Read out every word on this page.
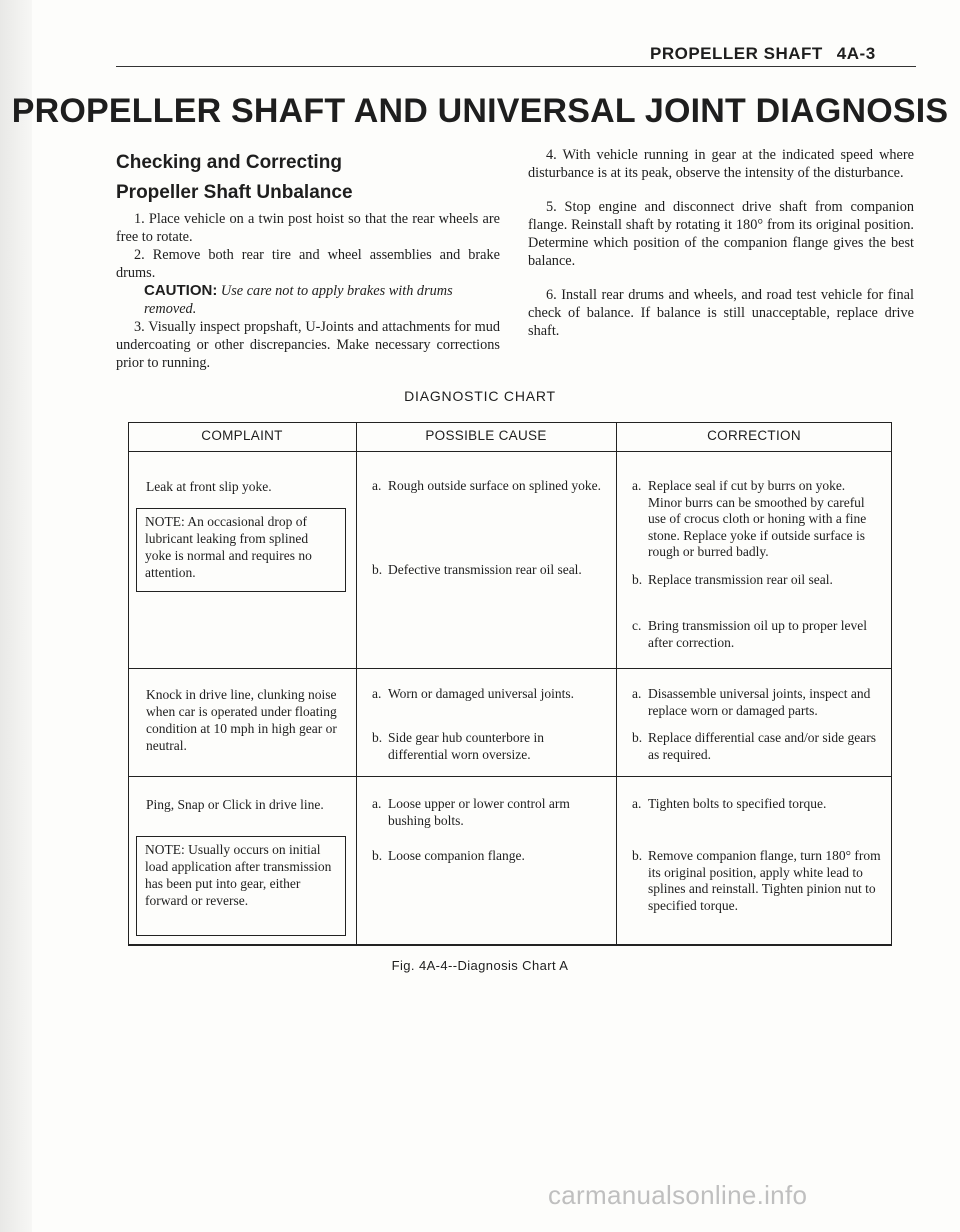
PROPELLER SHAFT 4A-3
PROPELLER SHAFT AND UNIVERSAL JOINT DIAGNOSIS
Checking and Correcting
Propeller Shaft Unbalance

1. Place vehicle on a twin post hoist so that the rear wheels are free to rotate.

2. Remove both rear tire and wheel assemblies and brake drums.

CAUTION: Use care not to apply brakes with drums removed.

3. Visually inspect propshaft, U-Joints and attachments for mud undercoating or other discrepancies. Make necessary corrections prior to running.

4. With vehicle running in gear at the indicated speed where disturbance is at its peak, observe the intensity of the disturbance.

5. Stop engine and disconnect drive shaft from companion flange. Reinstall shaft by rotating it 180° from its original position. Determine which position of the companion flange gives the best balance.

6. Install rear drums and wheels, and road test vehicle for final check of balance. If balance is still unacceptable, replace drive shaft.

DIAGNOSTIC CHART
COMPLAINT	POSSIBLE CAUSE	CORRECTION
Leak at front slip yoke.
NOTE: An occasional drop of lubricant leaking from splined yoke is normal and requires no attention.
a. Rough outside surface on splined yoke.
b. Defective transmission rear oil seal.
a. Replace seal if cut by burrs on yoke. Minor burrs can be smoothed by careful use of crocus cloth or honing with a fine stone. Replace yoke if outside surface is rough or burred badly.
b. Replace transmission rear oil seal.
c. Bring transmission oil up to proper level after correction.
Knock in drive line, clunking noise when car is operated under floating condition at 10 mph in high gear or neutral.
a. Worn or damaged universal joints.
b. Side gear hub counterbore in differential worn oversize.
a. Disassemble universal joints, inspect and replace worn or damaged parts.
b. Replace differential case and/or side gears as required.
Ping, Snap or Click in drive line.
NOTE: Usually occurs on initial load application after transmission has been put into gear, either forward or reverse.
a. Loose upper or lower control arm bushing bolts.
b. Loose companion flange.
a. Tighten bolts to specified torque.
b. Remove companion flange, turn 180° from its original position, apply white lead to splines and reinstall. Tighten pinion nut to specified torque.
Fig. 4A-4--Diagnosis Chart A
carmanualsonline.info
